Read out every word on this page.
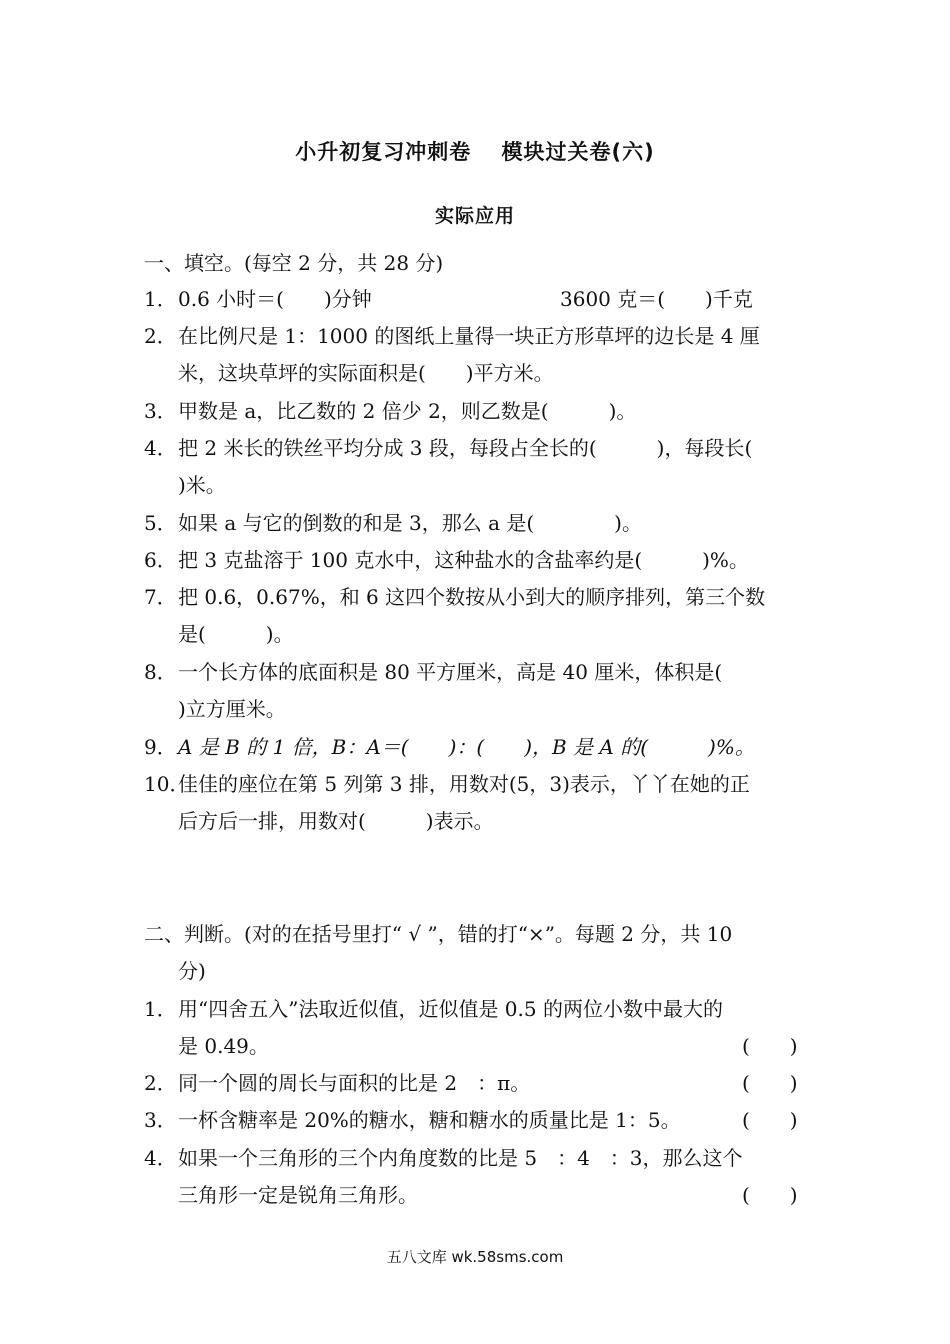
小升初复习冲刺卷　 模块过关卷(六)
实际应用
一、填空。(每空 2 分，共 28 分)
1． 0.6 小时＝(　　)分钟	3600 克＝(　　)千克
2． 在比例尺是 1：1000 的图纸上量得一块正方形草坪的边长是 4 厘
米，这块草坪的实际面积是(　　)平方米。
3． 甲数是 a，比乙数的 2 倍少 2，则乙数是(　　　)。
4． 把 2 米长的铁丝平均分成 3 段，每段占全长的(　　　)，每段长(
)米。
5． 如果 a 与它的倒数的和是 3，那么 a 是(　　　　)。
6． 把 3 克盐溶于 100 克水中，这种盐水的含盐率约是(　　　)%。
7． 把 0.6，0.67%，和 6 这四个数按从小到大的顺序排列，第三个数
是(　　　)。
8． 一个长方体的底面积是 80 平方厘米，高是 40 厘米，体积是(
)立方厘米。
9． A 是 B 的 1 倍，B：A＝(　　)：(　　)，B 是 A 的(　　　)%。
10．
佳佳的座位在第 5 列第 3 排，用数对(5，3)表示，丫丫在她的正
后方后一排，用数对(　　　)表示。
二、判断。(对的在括号里打“ √ ”，错的打“×”。每题 2 分，共 10
分)
1． 用“四舍五入”法取近似值，近似值是 0.5 的两位小数中最大的
是 0.49。	(　　)
2． 同一个圆的周长与面积的比是 2　：π。	(　　)
3． 一杯含糖率是 20%的糖水，糖和糖水的质量比是 1：5。	(　　)
4． 如果一个三角形的三个内角度数的比是 5　：4　：3，那么这个
三角形一定是锐角三角形。	(　　)
五八文库 wk.58sms.com
